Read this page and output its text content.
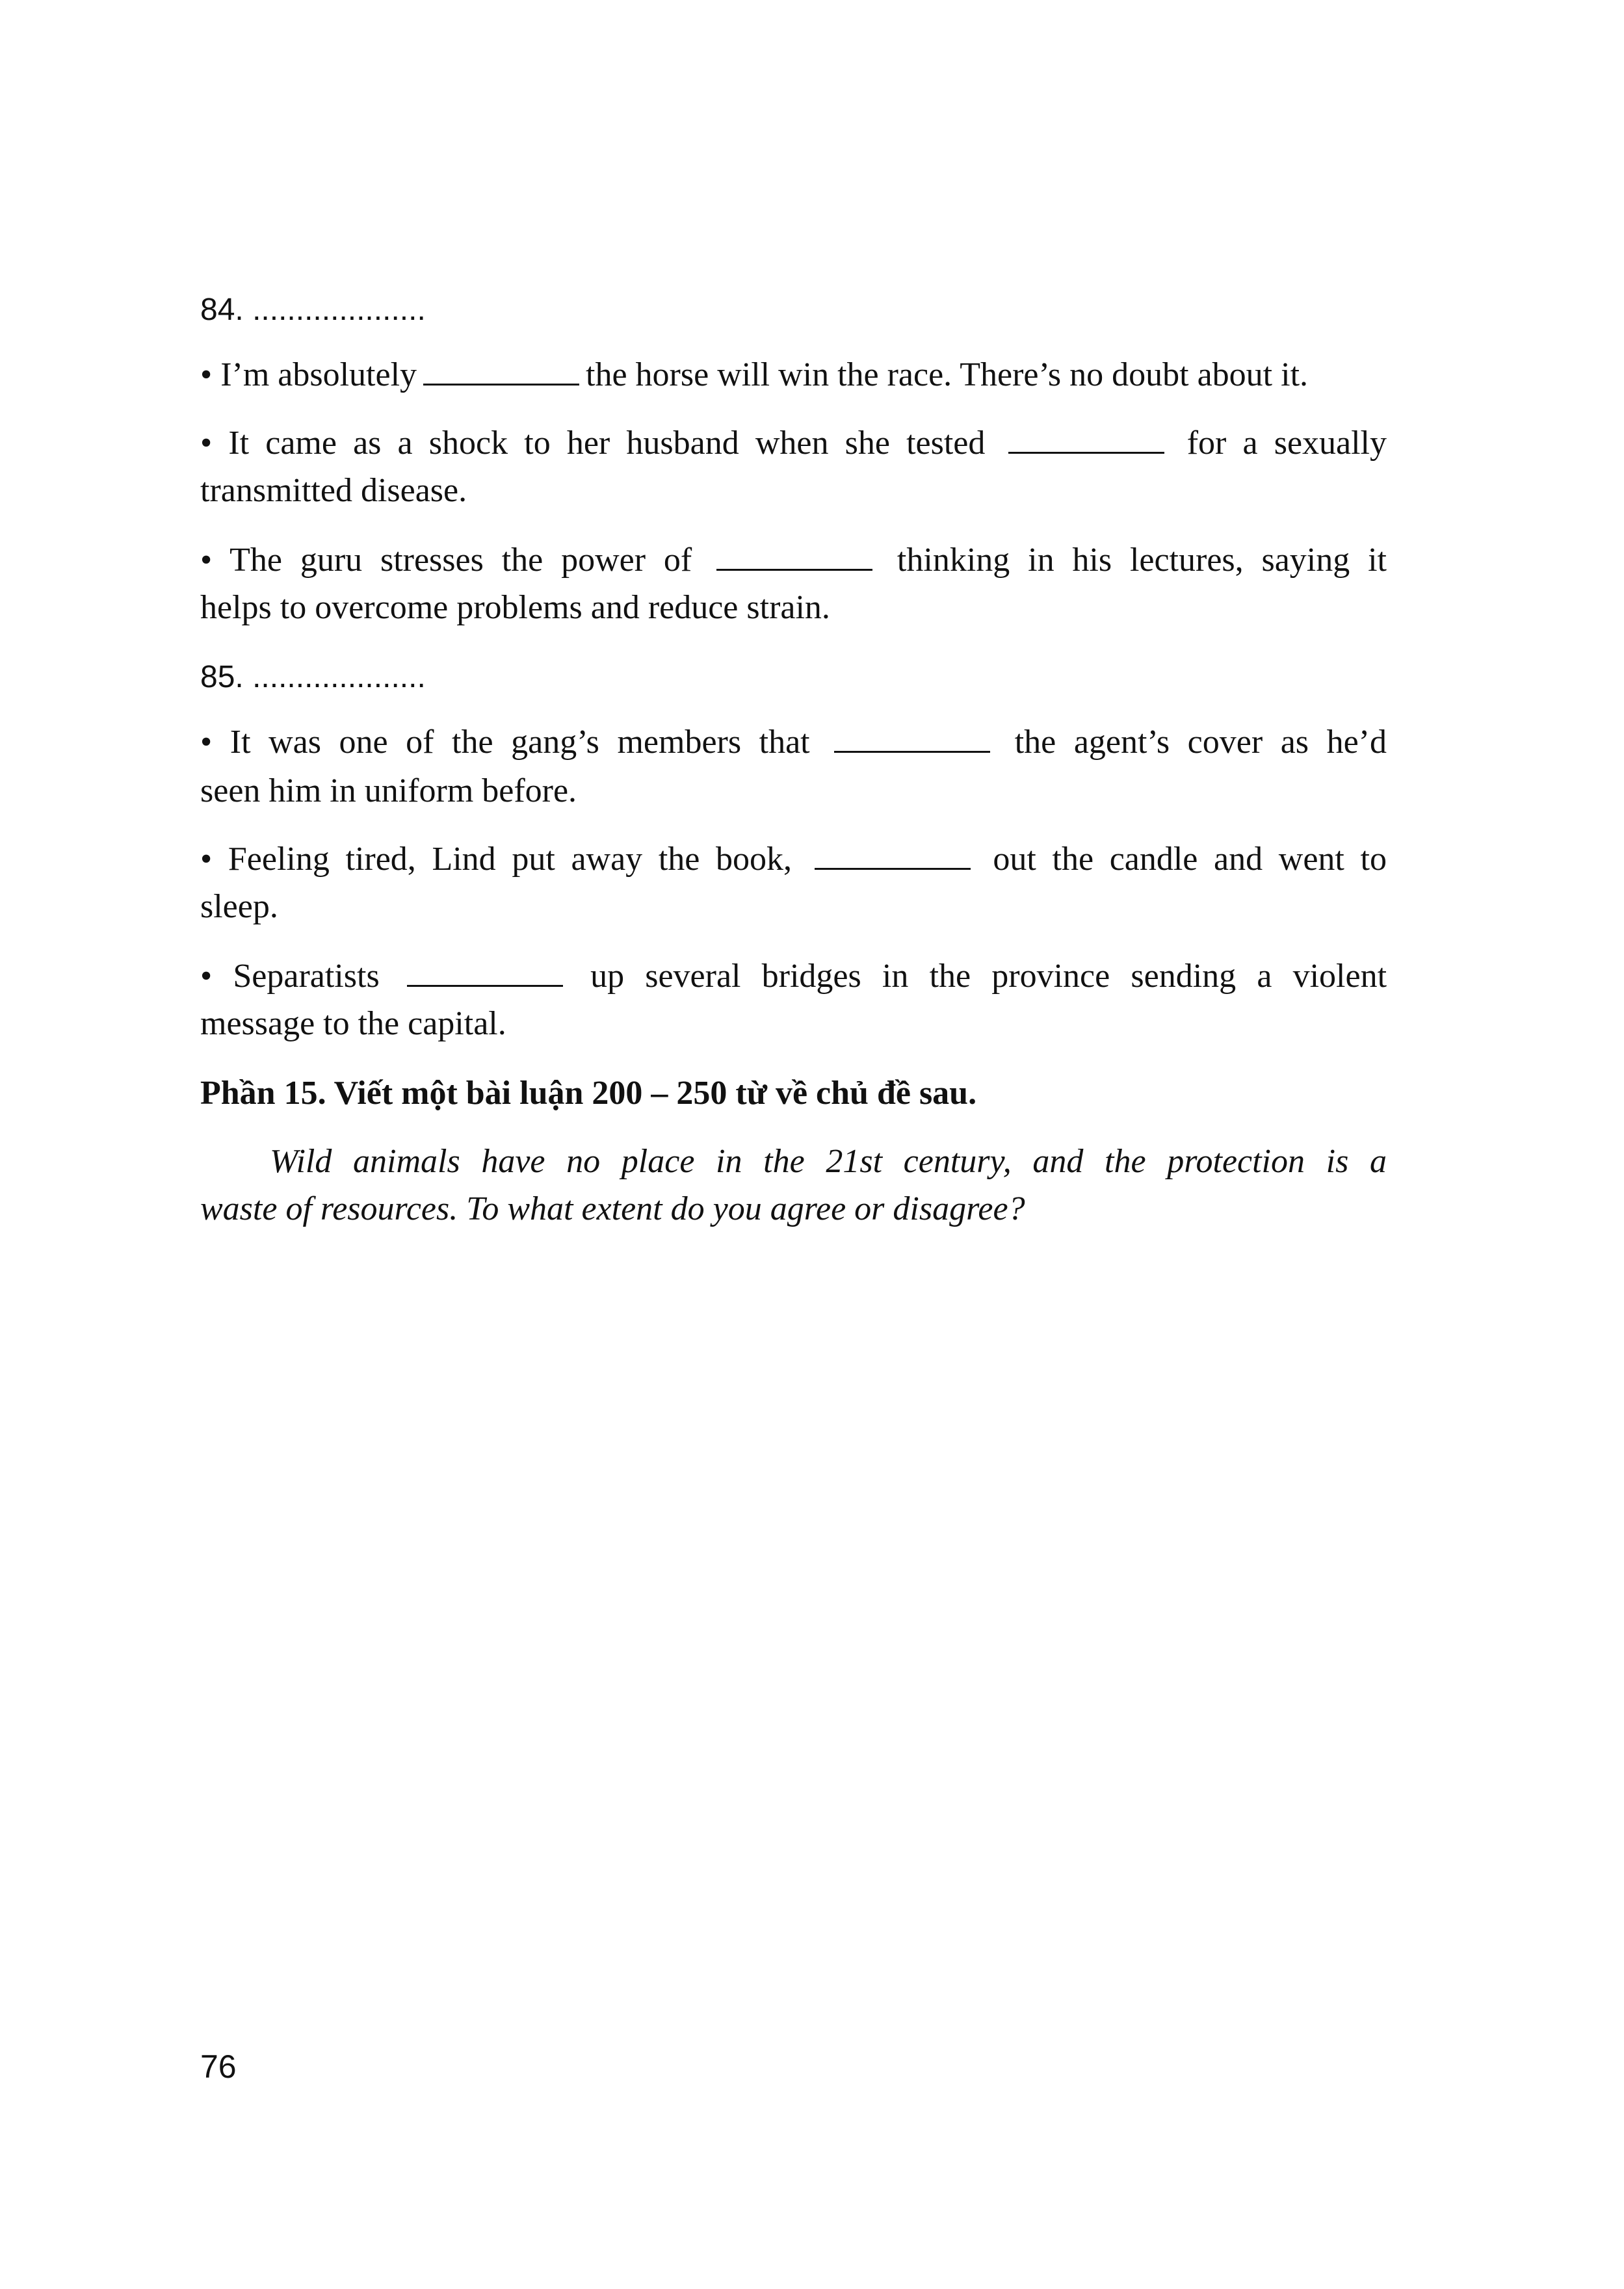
84. ....................
• I’m absolutely	the horse will win the race. There’s no doubt about it.
• It came as a shock to her husband when she tested	for a sexually
transmitted disease.
• The guru stresses the power of	thinking in his lectures, saying it
helps to overcome problems and reduce strain.
85. ....................
• It was one of the gang’s members that	the agent’s cover as he’d
seen him in uniform before.
• Feeling tired, Lind put away the book,	out the candle and went to
sleep.
• Separatists	up several bridges in the province sending a violent
message to the capital.
Phần 15. Viết một bài luận 200 – 250 từ về chủ đề sau.
Wild animals have no place in the 21st century, and the protection is a
waste of resources. To what extent do you agree or disagree?
76
